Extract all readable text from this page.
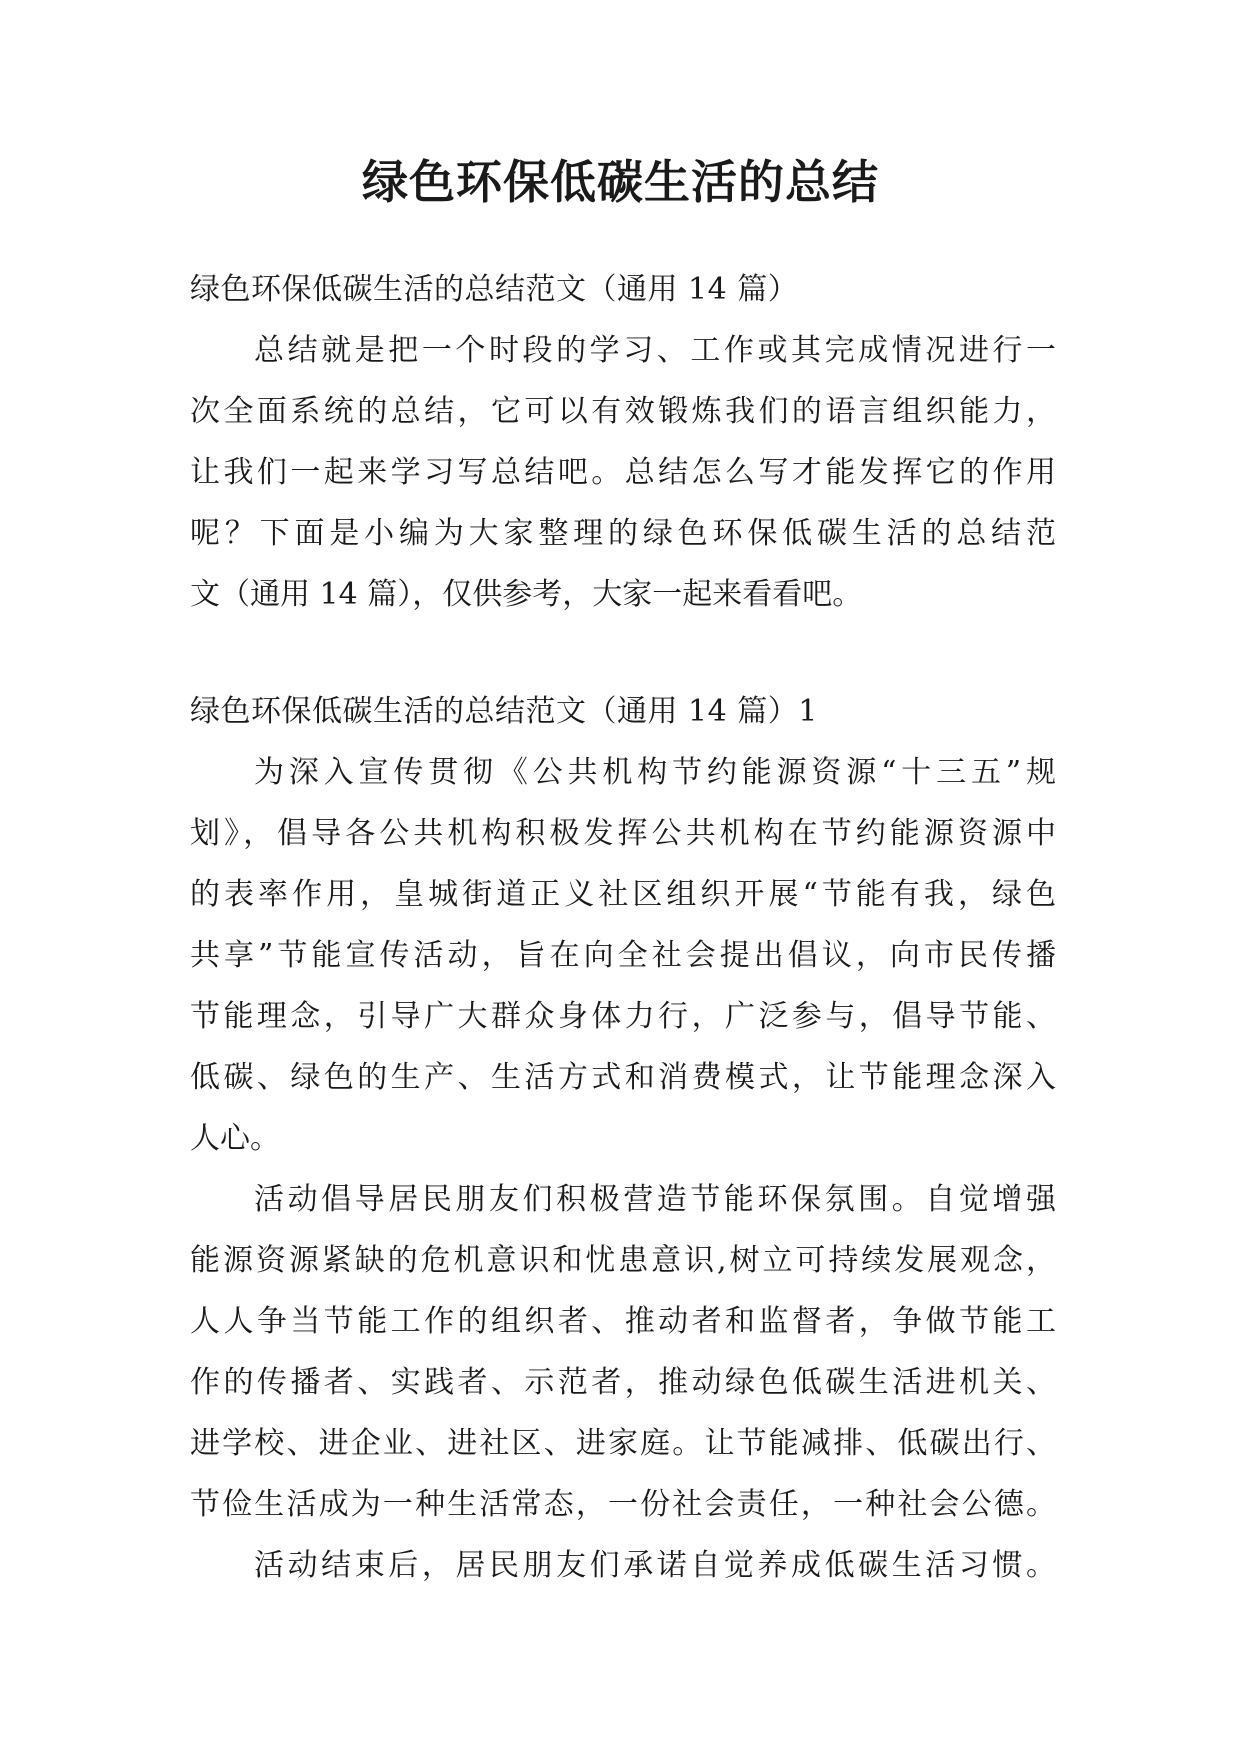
绿色环保低碳生活的总结
绿色环保低碳生活的总结范文（通用 14 篇）
总结就是把一个时段的学习、工作或其完成情况进行一
次全面系统的总结，它可以有效锻炼我们的语言组织能力，
让我们一起来学习写总结吧。总结怎么写才能发挥它的作用
呢？下面是小编为大家整理的绿色环保低碳生活的总结范
文（通用 14 篇），仅供参考，大家一起来看看吧。
绿色环保低碳生活的总结范文（通用 14 篇）1
为深入宣传贯彻《公共机构节约能源资源“十三五”规
划》，倡导各公共机构积极发挥公共机构在节约能源资源中
的表率作用，皇城街道正义社区组织开展“节能有我，绿色
共享”节能宣传活动，旨在向全社会提出倡议，向市民传播
节能理念，引导广大群众身体力行，广泛参与，倡导节能、
低碳、绿色的生产、生活方式和消费模式，让节能理念深入
人心。
活动倡导居民朋友们积极营造节能环保氛围。自觉增强
能源资源紧缺的危机意识和忧患意识,树立可持续发展观念，
人人争当节能工作的组织者、推动者和监督者，争做节能工
作的传播者、实践者、示范者，推动绿色低碳生活进机关、
进学校、进企业、进社区、进家庭。让节能减排、低碳出行、
节俭生活成为一种生活常态，一份社会责任，一种社会公德。
活动结束后，居民朋友们承诺自觉养成低碳生活习惯。
